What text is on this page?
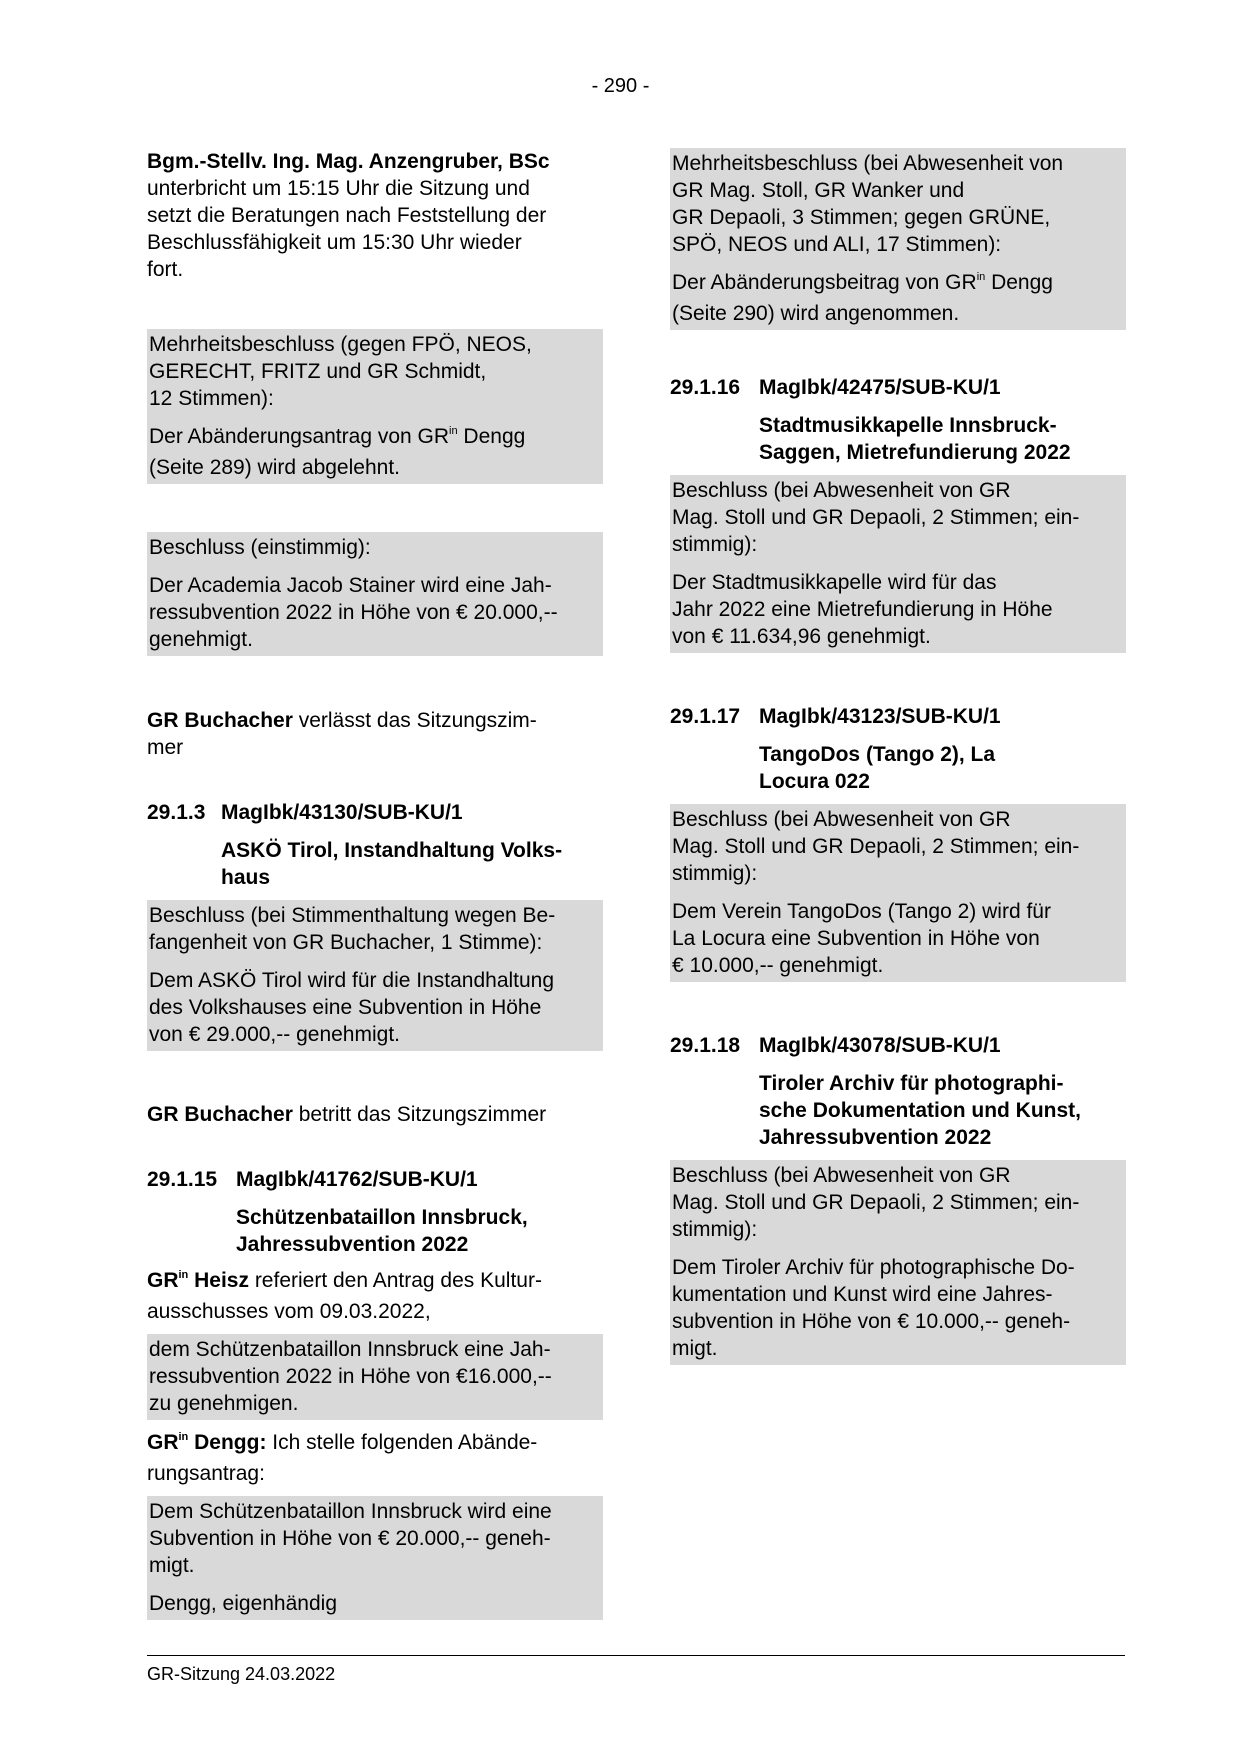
- 290 -
Bgm.-Stellv. Ing. Mag. Anzengruber, BSc
unterbricht um 15:15 Uhr die Sitzung und
setzt die Beratungen nach Feststellung der
Beschlussfähigkeit um 15:30 Uhr wieder
fort.
Mehrheitsbeschluss (gegen FPÖ, NEOS,
GERECHT, FRITZ und GR Schmidt,
12 Stimmen):
Der Abänderungsantrag von $GR^{in}$ Dengg
(Seite 289) wird abgelehnt.
Beschluss (einstimmig):
Der Academia Jacob Stainer wird eine Jah-
ressubvention 2022 in Höhe von € 20.000,--
genehmigt.
GR Buchacher verlässt das Sitzungszim-
mer
29.1.3 MagIbk/43130/SUB-KU/1
ASKÖ Tirol, Instandhaltung Volks-
haus
Beschluss (bei Stimmenthaltung wegen Be-
fangenheit von GR Buchacher, 1 Stimme):
Dem ASKÖ Tirol wird für die Instandhaltung
des Volkshauses eine Subvention in Höhe
von € 29.000,-- genehmigt.
GR Buchacher betritt das Sitzungszimmer
29.1.15 MagIbk/41762/SUB-KU/1
Schützenbataillon Innsbruck,
Jahressubvention 2022
$GR^{in}$ Heisz referiert den Antrag des Kultur-
ausschusses vom 09.03.2022,
dem Schützenbataillon Innsbruck eine Jah-
ressubvention 2022 in Höhe von €16.000,--
zu genehmigen.
$GR^{in}$ Dengg: Ich stelle folgenden Abände-
rungsantrag:
Dem Schützenbataillon Innsbruck wird eine
Subvention in Höhe von € 20.000,-- geneh-
migt.
Dengg, eigenhändig
Mehrheitsbeschluss (bei Abwesenheit von
GR Mag. Stoll, GR Wanker und
GR Depaoli, 3 Stimmen; gegen GRÜNE,
SPÖ, NEOS und ALI, 17 Stimmen):
Der Abänderungsbeitrag von $GR^{in}$ Dengg
(Seite 290) wird angenommen.
29.1.16 MagIbk/42475/SUB-KU/1
Stadtmusikkapelle Innsbruck-
Saggen, Mietrefundierung 2022
Beschluss (bei Abwesenheit von GR
Mag. Stoll und GR Depaoli, 2 Stimmen; ein-
stimmig):
Der Stadtmusikkapelle wird für das
Jahr 2022 eine Mietrefundierung in Höhe
von € 11.634,96 genehmigt.
29.1.17 MagIbk/43123/SUB-KU/1
TangoDos (Tango 2), La
Locura 022
Beschluss (bei Abwesenheit von GR
Mag. Stoll und GR Depaoli, 2 Stimmen; ein-
stimmig):
Dem Verein TangoDos (Tango 2) wird für
La Locura eine Subvention in Höhe von
€ 10.000,-- genehmigt.
29.1.18 MagIbk/43078/SUB-KU/1
Tiroler Archiv für photographi-
sche Dokumentation und Kunst,
Jahressubvention 2022
Beschluss (bei Abwesenheit von GR
Mag. Stoll und GR Depaoli, 2 Stimmen; ein-
stimmig):
Dem Tiroler Archiv für photographische Do-
kumentation und Kunst wird eine Jahres-
subvention in Höhe von € 10.000,-- geneh-
migt.
GR-Sitzung 24.03.2022
